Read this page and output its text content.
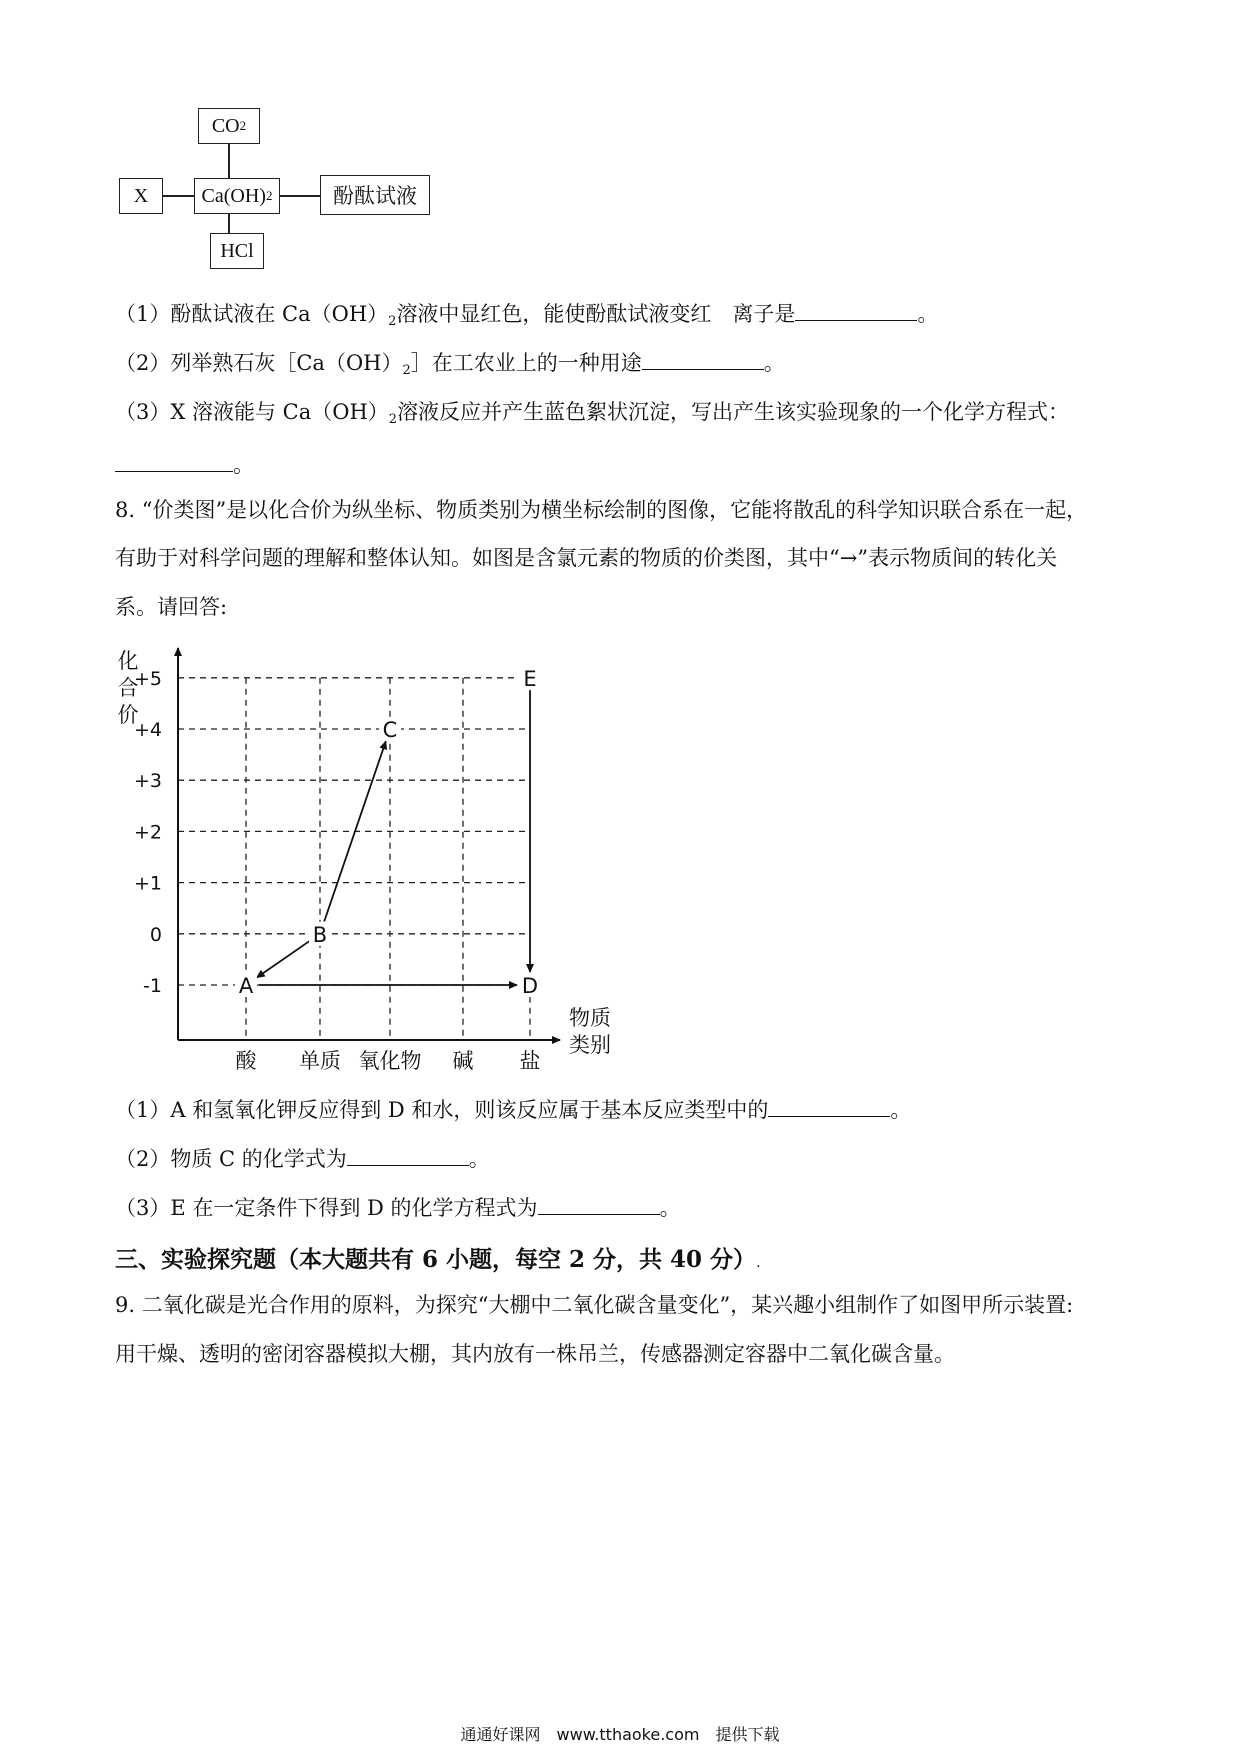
CO 2
X	Ca(OH) 2	酚酞试液
HCl
（1）酚酞试液在 $Ca(OH)_2$溶液中显红色，能使酚酞试液变红　离子是	。
（2）列举熟石灰$[Ca(OH)_2]$在工农业上的一种用途	。
（3）X 溶液能与 $Ca(OH)_2$溶液反应并产生蓝色絮状沉淀，写出产生该实验现象的一个化学方程式：
。
8. “价类图”是以化合价为纵坐标、物质类别为横坐标绘制的图像，它能将散乱的科学知识联合系在一起，
有助于对科学问题的理解和整体认知。如图是含氯元素的物质的价类图，其中“→”表示物质间的转化关
系。请回答:
+5
+4
+3
+2
+1
0
-1
酸 单质 氧化物 碱 盐
化
合
价
物质
类别
A
B
C
D
E
（1）A 和氢氧化钾反应得到 D 和水，则该反应属于基本反应类型中的	。
（2）物质 C 的化学式为	。
（3）E 在一定条件下得到 D 的化学方程式为	。
三、实验探究题（本大题共有 6 小题，每空 2 分，共 40 分）.
9. 二氧化碳是光合作用的原料，为探究“大棚中二氧化碳含量变化”，某兴趣小组制作了如图甲所示装置:
用干燥、透明的密闭容器模拟大棚，其内放有一株吊兰，传感器测定容器中二氧化碳含量。
通通好课网　www.tthaoke.com　提供下载
